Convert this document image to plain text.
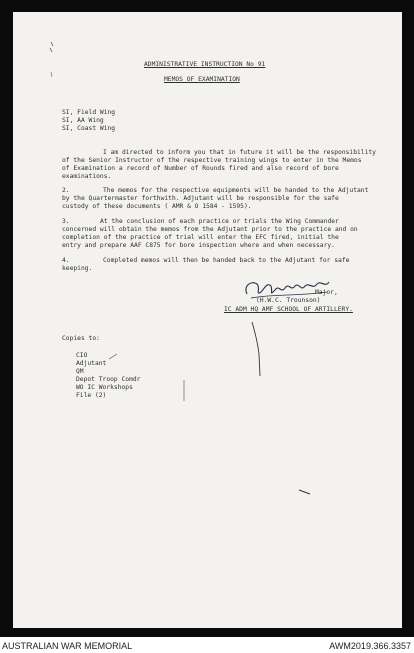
ADMINISTRATIVE INSTRUCTION No 91
MEMOS OF EXAMINATION
SI, Field Wing
SI, AA Wing
SI, Coast Wing
I am directed to inform you that in future it will be the responsibility
of the Senior Instructor of the respective training wings to enter in the Memos
of Examination a record of Number of Rounds fired and also record of bore
examinations.
2.	The memos for the respective equipments will be handed to the Adjutant
by the Quartermaster forthwith. Adjutant will be responsible for the safe
custody of these documents ( AMR & O 1584 - 1595).
3.	At the conclusion of each practice or trials the Wing Commander
concerned will obtain the memos from the Adjutant prior to the practice and on
completion of the practice of trial will enter the EFC fired, initial the
entry and prepare AAF C875 for bore inspection where and when necessary.
4.	Completed memos will then be handed back to the Adjutant for safe
keeping.
Major,
(H.W.C. Trounson)
IC ADM HQ AMF SCHOOL OF ARTILLERY.
Copies to:
CIO
Adjutant
QM
Depot Troop Comdr
WO IC Workshops
File (2)
AUSTRALIAN WAR MEMORIAL	AWM2019.366.3357
